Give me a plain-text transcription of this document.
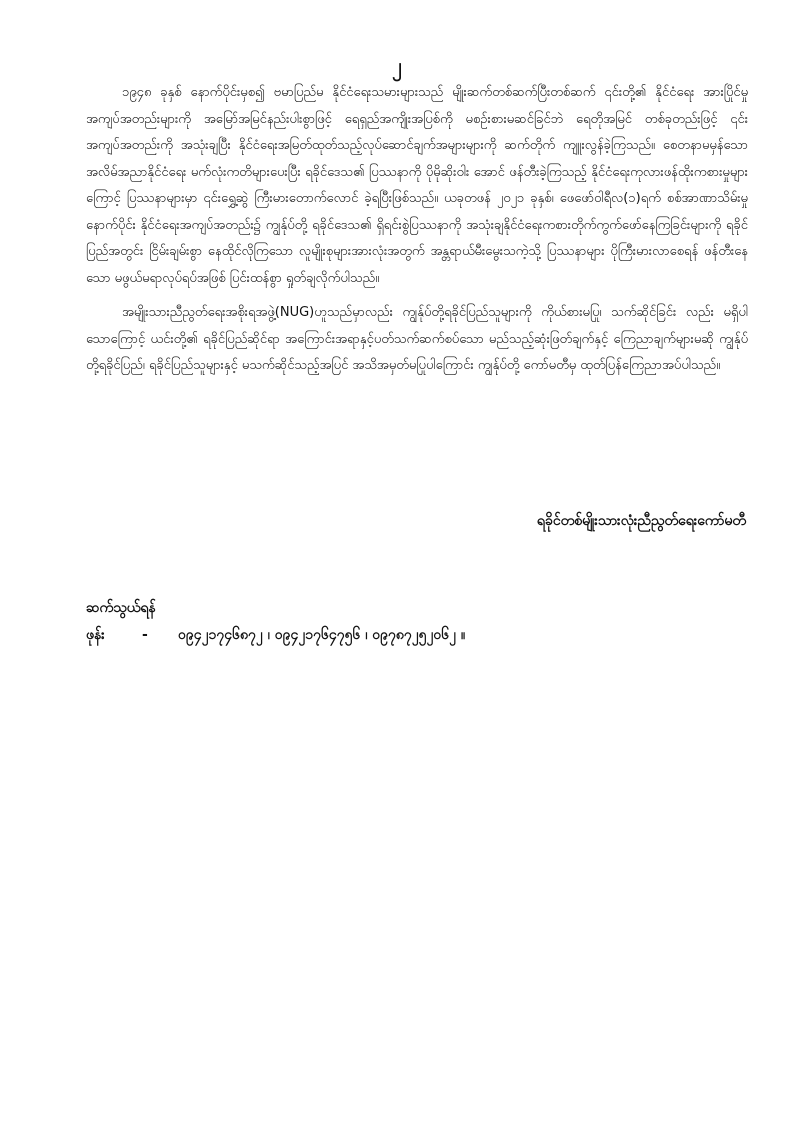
၂

၁၉၄၈ ခုနှစ် နောက်ပိုင်းမှစ၍ ဗမာပြည်မ နိုင်ငံရေးသမားများသည် မျိုးဆက်တစ်ဆက်ပြီးတစ်ဆက် ၎င်းတို့၏ နိုင်ငံရေး အားပြိုင်မှု အကျပ်အတည်းများကို အမြော်အမြင်နည်းပါးစွာဖြင့် ရေရှည်အကျိုးအပြစ်ကို မစဉ်းစားမဆင်ခြင်ဘဲ ရေတိုအမြင် တစ်ခုတည်းဖြင့် ၎င်းအကျပ်အတည်းကို အသုံးချပြီး နိုင်ငံရေးအမြတ်ထုတ်သည့်လုပ်ဆောင်ချက်အများများကို ဆက်တိုက် ကျူးလွန်ခဲ့ကြသည်။ စေတနာမမှန်သော အလိမ်အညာနိုင်ငံရေး မက်လုံးကတိများပေးပြီး ရခိုင်ဒေသ၏ ပြဿနာကို ပိုမိုဆိုးဝါး အောင် ဖန်တီးခဲ့ကြသည့် နိုင်ငံရေးကုလားဖန်ထိုးကစားမှုများကြောင့် ပြဿနာများမှာ ၎င်းရွှေ့ဆွဲ ကြီးမားတောက်လောင် ခဲ့ရပြီးဖြစ်သည်။ ယခုတဖန် ၂၀၂၁ ခုနှစ်၊ ဖေဖော်ဝါရီလ(၁)ရက် စစ်အာဏာသိမ်းမှုနောက်ပိုင်း နိုင်ငံရေးအကျပ်အတည်း၌ ကျွန်ုပ်တို့ ရခိုင်ဒေသ၏ ရှိရင်းစွဲပြဿနာကို အသုံးချနိုင်ငံရေးကစားတိုက်ကွက်ဖော်နေကြခြင်းများကို ရခိုင်ပြည်အတွင်း ငြိမ်းချမ်းစွာ နေထိုင်လိုကြသော လူမျိုးစုများအားလုံးအတွက် အန္တရာယ်မီးမွေးသကဲ့သို့ ပြဿနာများ ပိုကြီးမားလာစေရန် ဖန်တီးနေသော မဖွယ်မရာလုပ်ရပ်အဖြစ် ပြင်းထန်စွာ ရှုတ်ချလိုက်ပါသည်။

အမျိုးသားညီညွတ်ရေးအစိုးရအဖွဲ့(NUG)ဟူသည်မှာလည်း ကျွန်ုပ်တို့ရခိုင်ပြည်သူများကို ကိုယ်စားမပြု၊ သက်ဆိုင်ခြင်း လည်း မရှိပါသောကြောင့် ယင်းတို့၏ ရခိုင်ပြည်ဆိုင်ရာ အကြောင်းအရာနှင့်ပတ်သက်ဆက်စပ်သော မည်သည့်ဆုံးဖြတ်ချက်နှင့် ကြေညာချက်များမဆို ကျွန်ုပ်တို့ရခိုင်ပြည်၊ ရခိုင်ပြည်သူများနှင့် မသက်ဆိုင်သည့်အပြင် အသိအမှတ်မပြုပါကြောင်း ကျွန်ုပ်တို့ ကော်မတီမှ ထုတ်ပြန်ကြေညာအပ်ပါသည်။

ရခိုင်တစ်မျိုးသားလုံးညီညွတ်ရေးကော်မတီ
ဆက်သွယ်ရန်
ဖုန်း	-	၀၉၄၂၁၇၄၆၈၇၂ ၊ ၀၉၄၂၁၇၆၄၇၅၆ ၊ ၀၉၇၈၇၂၅၂၀၆၂ ။
